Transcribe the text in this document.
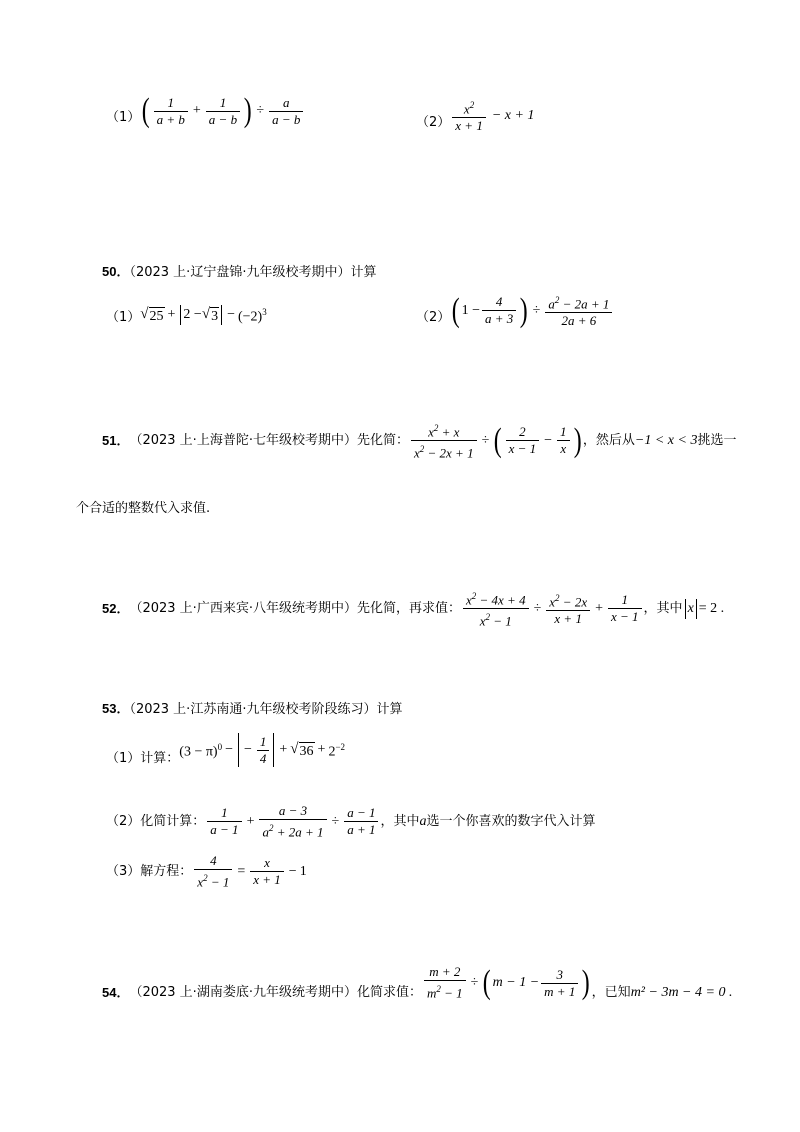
（1） ( $\frac{1}{a + b} + \frac{1}{a - b}$ ) ÷ $\frac{a}{a - b}$	$(2) \frac{x^2}{x + 1} - x + 1$
50．（2023 上·辽宁盘锦·九年级校考期中）计算
（1） √ 25 + 2 − √ $3 - (-2)^3$	（2） ( $1 - \frac{4}{a + 3}$ ) ÷ $\frac{a^2 - 2a + 1}{2a + 6}$
51． （2023 上·上海普陀·七年级校考期中） 先化简： $\frac{x^2 + x}{x^2 - 2x + 1}$ ÷ ( $\frac{2}{x - 1} - \frac{1}{x}$ ) ，然后从 −1 < x < 3 挑选一
个合适的整数代入求值.
52． （2023 上·广西来宾·八年级统考期中） 先化简，再求值： $\frac{x^2 - 4x + 4}{x^2 - 1} \div \frac{x^2 - 2x}{x + 1} + \frac{1}{x - 1}$ ，其中 x = 2 .
53．（2023 上·江苏南通·九年级校考阶段练习）计算
（1）计算： $(3 - \pi)^0$ − − $\frac{1}{4}$ + √ $36 + 2^{-2}$
（2）化简计算： $\frac{1}{a - 1} + \frac{a - 3}{a^2 + 2a + 1} \div \frac{a - 1}{a + 1}$ ，其中 a 选一个你喜欢的数字代入计算
（3）解方程： $\frac{4}{x^2 - 1} = \frac{x}{x + 1} - 1$
54． （2023 上·湖南娄底·九年级统考期中） 化简求值： $\frac{m + 2}{m^2 - 1}$ ÷ ( $m - 1 - \frac{3}{m + 1}$ ) ，已知 m² − 3m − 4 = 0 .
